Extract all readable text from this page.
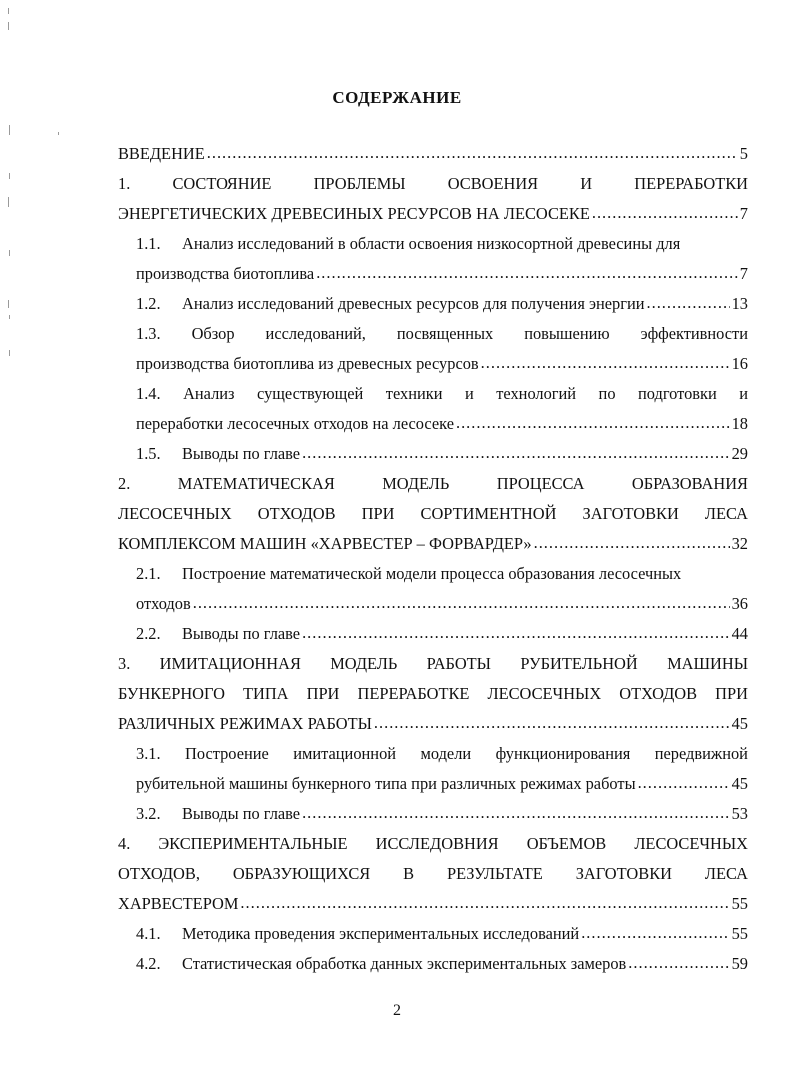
СОДЕРЖАНИЕ
ВВЕДЕНИЕ .....	5
1.	СОСТОЯНИЕ	ПРОБЛЕМЫ	ОСВОЕНИЯ	И	ПЕРЕРАБОТКИ
ЭНЕРГЕТИЧЕСКИХ ДРЕВЕСИНЫХ РЕСУРСОВ НА ЛЕСОСЕКЕ .....	7
1.1.	Анализ исследований в области освоения низкосортной древесины для
производства биотоплива .....	7
1.2.	Анализ исследований древесных ресурсов для получения энергии .....	13
1.3. Обзор исследований, посвященных повышению эффективности
производства биотоплива из древесных ресурсов .....	16
1.4. Анализ существующей техники и технологий по подготовки и
переработки лесосечных отходов на лесосеке .....	18
1.5.	Выводы по главе .....	29
2.	МАТЕМАТИЧЕСКАЯ	МОДЕЛЬ	ПРОЦЕССА	ОБРАЗОВАНИЯ
ЛЕСОСЕЧНЫХ ОТХОДОВ ПРИ СОРТИМЕНТНОЙ ЗАГОТОВКИ ЛЕСА
КОМПЛЕКСОМ МАШИН «ХАРВЕСТЕР – ФОРВАРДЕР» .....	32
2.1.	Построение математической модели процесса образования лесосечных
отходов .....	36
2.2.	Выводы по главе .....	44
3. ИМИТАЦИОННАЯ МОДЕЛЬ РАБОТЫ РУБИТЕЛЬНОЙ МАШИНЫ
БУНКЕРНОГО ТИПА ПРИ ПЕРЕРАБОТКЕ ЛЕСОСЕЧНЫХ ОТХОДОВ ПРИ
РАЗЛИЧНЫХ РЕЖИМАХ РАБОТЫ .....	45
3.1. Построение имитационной модели функционирования передвижной
рубительной машины бункерного типа при различных режимах работы .....	45
3.2.	Выводы по главе .....	53
4. ЭКСПЕРИМЕНТАЛЬНЫЕ ИССЛЕДОВНИЯ ОБЪЕМОВ ЛЕСОСЕЧНЫХ
ОТХОДОВ, ОБРАЗУЮЩИХСЯ В РЕЗУЛЬТАТЕ ЗАГОТОВКИ ЛЕСА
ХАРВЕСТЕРОМ .....	55
4.1.	Методика проведения экспериментальных исследований .....	55
4.2.	Статистическая обработка данных экспериментальных замеров .....	59
2
